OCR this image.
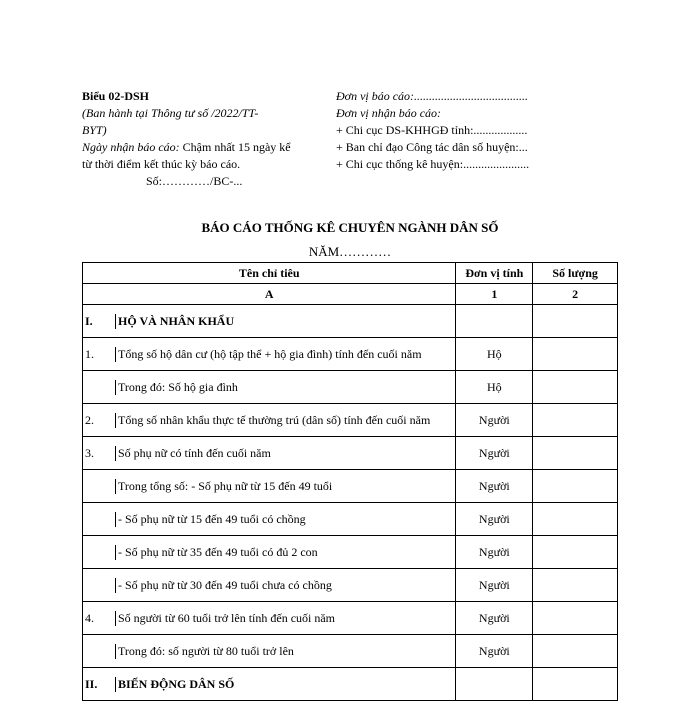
Biểu 02-DSH
(Ban hành tại Thông tư số /2022/TT-
BYT)
Ngày nhận báo cáo: Chậm nhất 15 ngày kể
từ thời điểm kết thúc kỳ báo cáo.
Đơn vị báo cáo:......................................
Đơn vị nhận báo cáo:
+ Chi cục DS-KHHGĐ tỉnh:..................
+ Ban chỉ đạo Công tác dân số huyện:...
+ Chi cục thống kê huyện:......................
Số:…………/BC-...
BÁO CÁO THỐNG KÊ CHUYÊN NGÀNH DÂN SỐ
NĂM…………
Tên chỉ tiêu	Đơn vị tính	Số lượng
A	1	2

I. HỘ VÀ NHÂN KHẨU		

1. Tổng số hộ dân cư (hộ tập thể + hộ gia đình) tính đến cuối năm	Hộ	

Trong đó: Số hộ gia đình	Hộ	

2. Tổng số nhân khẩu thực tế thường trú (dân số) tính đến cuối năm	Người	

3. Số phụ nữ có tính đến cuối năm	Người	

Trong tổng số: - Số phụ nữ từ 15 đến 49 tuổi	Người	

- Số phụ nữ từ 15 đến 49 tuổi có chồng	Người	

- Số phụ nữ từ 35 đến 49 tuổi có đủ 2 con	Người	

- Số phụ nữ từ 30 đến 49 tuổi chưa có chồng	Người	

4. Số người từ 60 tuổi trở lên tính đến cuối năm	Người	

Trong đó: số người từ 80 tuổi trở lên	Người	

II. BIẾN ĐỘNG DÂN SỐ		
